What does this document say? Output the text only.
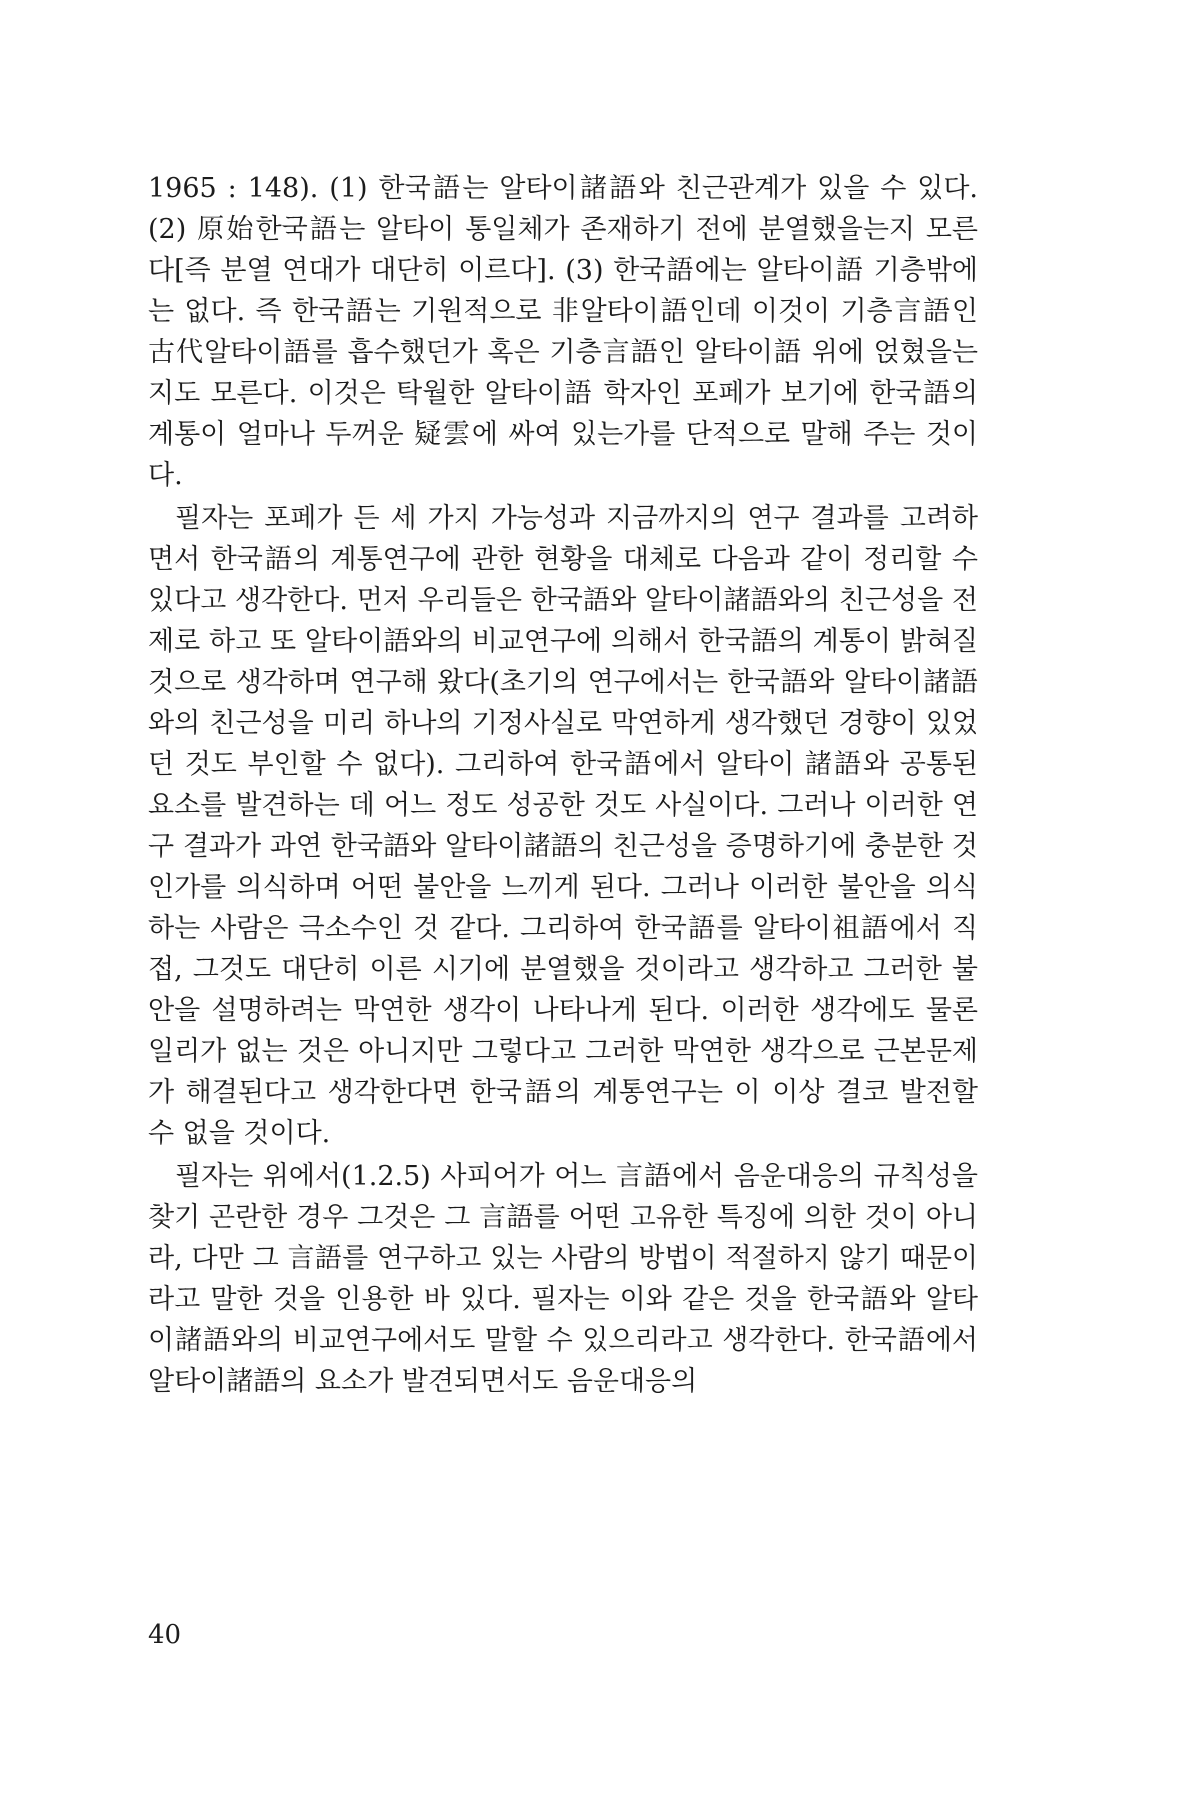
1965 : 148). (1) 한국語는 알타이諸語와 친근관계가 있을 수 있다. (2) 原始한국語는 알타이 통일체가 존재하기 전에 분열했을는지 모른다[즉 분열 연대가 대단히 이르다]. (3) 한국語에는 알타이語 기층밖에는 없다. 즉 한국語는 기원적으로 非알타이語인데 이것이 기층言語인 古代알타이語를 흡수했던가 혹은 기층言語인 알타이語 위에 얹혔을는지도 모른다. 이것은 탁월한 알타이語 학자인 포페가 보기에 한국語의 계통이 얼마나 두꺼운 疑雲에 싸여 있는가를 단적으로 말해 주는 것이다.

필자는 포페가 든 세 가지 가능성과 지금까지의 연구 결과를 고려하면서 한국語의 계통연구에 관한 현황을 대체로 다음과 같이 정리할 수 있다고 생각한다. 먼저 우리들은 한국語와 알타이諸語와의 친근성을 전제로 하고 또 알타이語와의 비교연구에 의해서 한국語의 계통이 밝혀질 것으로 생각하며 연구해 왔다(초기의 연구에서는 한국語와 알타이諸語와의 친근성을 미리 하나의 기정사실로 막연하게 생각했던 경향이 있었던 것도 부인할 수 없다). 그리하여 한국語에서 알타이 諸語와 공통된 요소를 발견하는 데 어느 정도 성공한 것도 사실이다. 그러나 이러한 연구 결과가 과연 한국語와 알타이諸語의 친근성을 증명하기에 충분한 것인가를 의식하며 어떤 불안을 느끼게 된다. 그러나 이러한 불안을 의식하는 사람은 극소수인 것 같다. 그리하여 한국語를 알타이祖語에서 직접, 그것도 대단히 이른 시기에 분열했을 것이라고 생각하고 그러한 불안을 설명하려는 막연한 생각이 나타나게 된다. 이러한 생각에도 물론 일리가 없는 것은 아니지만 그렇다고 그러한 막연한 생각으로 근본문제가 해결된다고 생각한다면 한국語의 계통연구는 이 이상 결코 발전할 수 없을 것이다.

필자는 위에서(1.2.5) 사피어가 어느 言語에서 음운대응의 규칙성을 찾기 곤란한 경우 그것은 그 言語를 어떤 고유한 특징에 의한 것이 아니라, 다만 그 言語를 연구하고 있는 사람의 방법이 적절하지 않기 때문이라고 말한 것을 인용한 바 있다. 필자는 이와 같은 것을 한국語와 알타이諸語와의 비교연구에서도 말할 수 있으리라고 생각한다. 한국語에서 알타이諸語의 요소가 발견되면서도 음운대응의

40
